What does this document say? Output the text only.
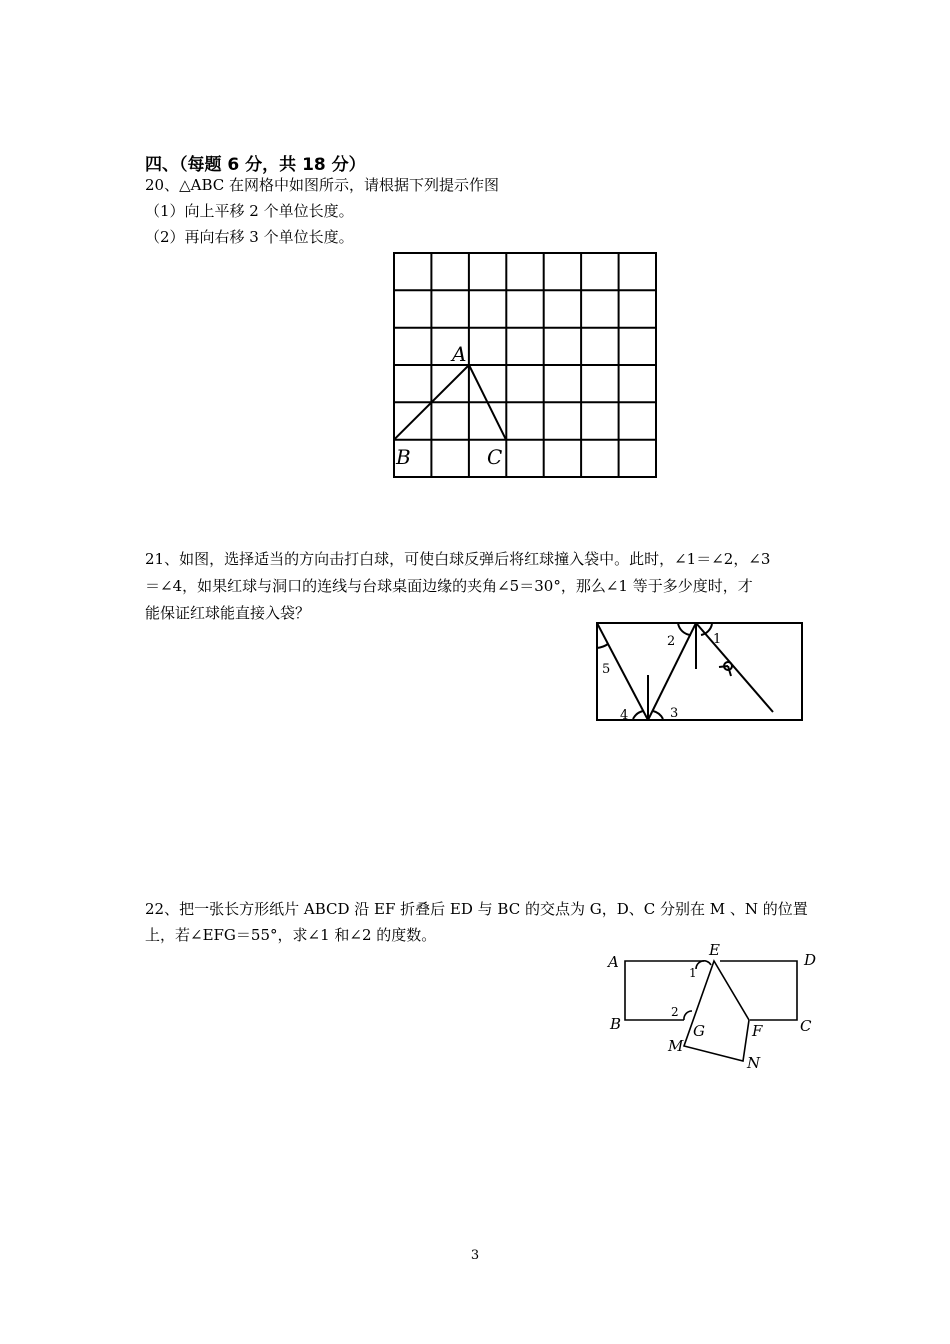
四、（每题 6 分，共 18 分）
20、△ABC 在网格中如图所示，请根据下列提示作图
（1）向上平移 2 个单位长度。
（2）再向右移 3 个单位长度。
A
B	C
21、如图，选择适当的方向击打白球，可使白球反弹后将红球撞入袋中。此时，∠1＝∠2，∠3
＝∠4，如果红球与洞口的连线与台球桌面边缘的夹角∠5＝30°，那么∠1 等于多少度时，才
能保证红球能直接入袋？
5
2	1
4	3
22、把一张长方形纸片 ABCD 沿 EF 折叠后 ED 与 BC 的交点为 G，D、C 分别在 M 、N 的位置
上，若∠EFG＝55°，求∠1 和∠2 的度数。
A	D
E
B	G	F	C
M
N
1
2
3
